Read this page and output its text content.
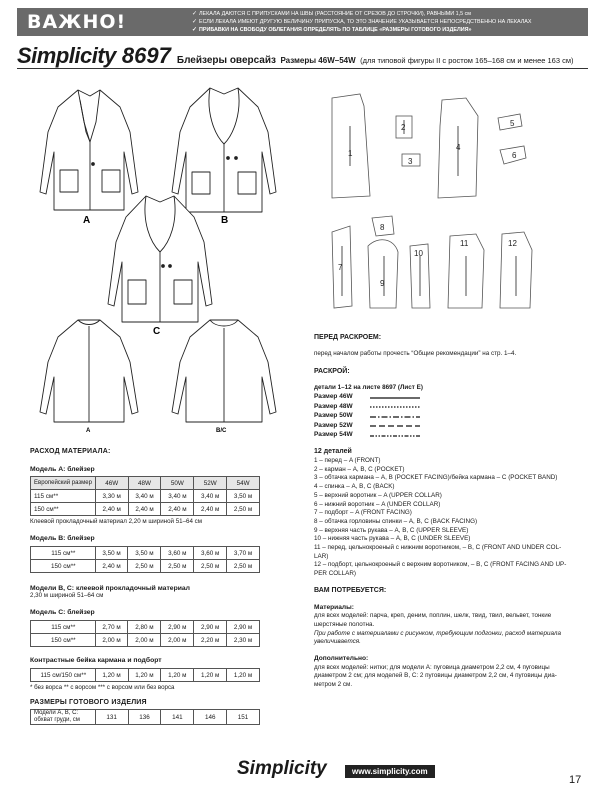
ВАЖНО!	✓ ЛЕКАЛА ДАЮТСЯ С ПРИПУСКАМИ НА ШВЫ (РАССТОЯНИЕ ОТ СРЕЗОВ ДО СТРОЧКИ), РАВНЫМИ 1,5 см
✓ ЕСЛИ ЛЕКАЛА ИМЕЮТ ДРУГУЮ ВЕЛИЧИНУ ПРИПУСКА, ТО ЭТО ЗНАЧЕНИЕ УКАЗЫВАЕТСЯ НЕПОСРЕДСТВЕННО НА ЛЕКАЛАХ
✓ ПРИБАВКИ НА СВОБОДУ ОБЛЕГАНИЯ ОПРЕДЕЛЯТЬ ПО ТАБЛИЦЕ «РАЗМЕРЫ ГОТОВОГО ИЗДЕЛИЯ»
Simplicity 8697 Блейзеры оверсайз Размеры 46W–54W (для типовой фигуры II с ростом 165–168 см и менее 163 см)
A	B
C
A	B/C
1
2
3
4
5
6
7
8
9
10
11	12
РАСХОД МАТЕРИАЛА:
Модель A: блейзер
Европейский размер	46W	48W	50W	52W	54W
115 см**	3,30 м	3,40 м	3,40 м	3,40 м	3,50 м
150 см**	2,40 м	2,40 м	2,40 м	2,40 м	2,50 м
Клеевой прокладочный материал 2,20 м шириной 51–64 см
Модель B: блейзер
115 см**	3,50 м	3,50 м	3,60 м	3,60 м	3,70 м
150 см**	2,40 м	2,50 м	2,50 м	2,50 м	2,50 м
Модели B, C: клеевой прокладочный материал
2,30 м шириной 51–64 см
Модель C: блейзер
115 см**	2,70 м	2,80 м	2,90 м	2,90 м	2,90 м
150 см**	2,00 м	2,00 м	2,00 м	2,20 м	2,30 м
Контрастные бейка кармана и подборт
115 см/150 см**	1,20 м	1,20 м	1,20 м	1,20 м	1,20 м
* без ворса ** с ворсом *** с ворсом или без ворса
РАЗМЕРЫ ГОТОВОГО ИЗДЕЛИЯ
Модели A, B, C: обхват груди, см	131	136	141	146	151
ПЕРЕД РАСКРОЕМ:
перед началом работы прочесть “Общие рекомендации” на стр. 1–4.
РАСКРОЙ:
детали 1–12 на листе 8697 (Лист E)
Размер 46W
Размер 48W
Размер 50W
Размер 52W
Размер 54W
12 деталей
1 – перед – A (FRONT)
2 – карман – A, B, C (POCKET)
3 – обтачка кармана – A, B (POCKET FACING)/бейка кармана – C (POCKET BAND)
4 – спинка – A, B, C (BACK)
5 – верхний воротник – A (UPPER COLLAR)
6 – нижний воротник – A (UNDER COLLAR)
7 – подборт – A (FRONT FACING)
8 – обтачка горловины спинки – A, B, C (BACK FACING)
9 – верхняя часть рукава – A, B, C (UPPER SLEEVE)
10 – нижняя часть рукава – A, B, C (UNDER SLEEVE)
11 – перед, цельнокроеный с нижним воротником, – B, C (FRONT AND UNDER COL-
LAR)
12 – подборт, цельнокроеный с верхним воротником, – B, C (FRONT FACING AND UP-
PER COLLAR)
ВАМ ПОТРЕБУЕТСЯ:
Материалы:
для всех моделей: парча, креп, деним, поплин, шелк, твид, твил, вельвет, тонкие
шерстяные полотна.
При работе с материалами с рисунком, требующим подгонки, расход материала
увеличивается.
Дополнительно:
для всех моделей: нитки; для модели A: пуговица диаметром 2,2 см, 4 пуговицы
диаметром 2 см; для моделей B, C: 2 пуговицы диаметром 2,2 см, 4 пуговицы диа-
метром 2 см.
Simplicity	www.simplicity.com
17
